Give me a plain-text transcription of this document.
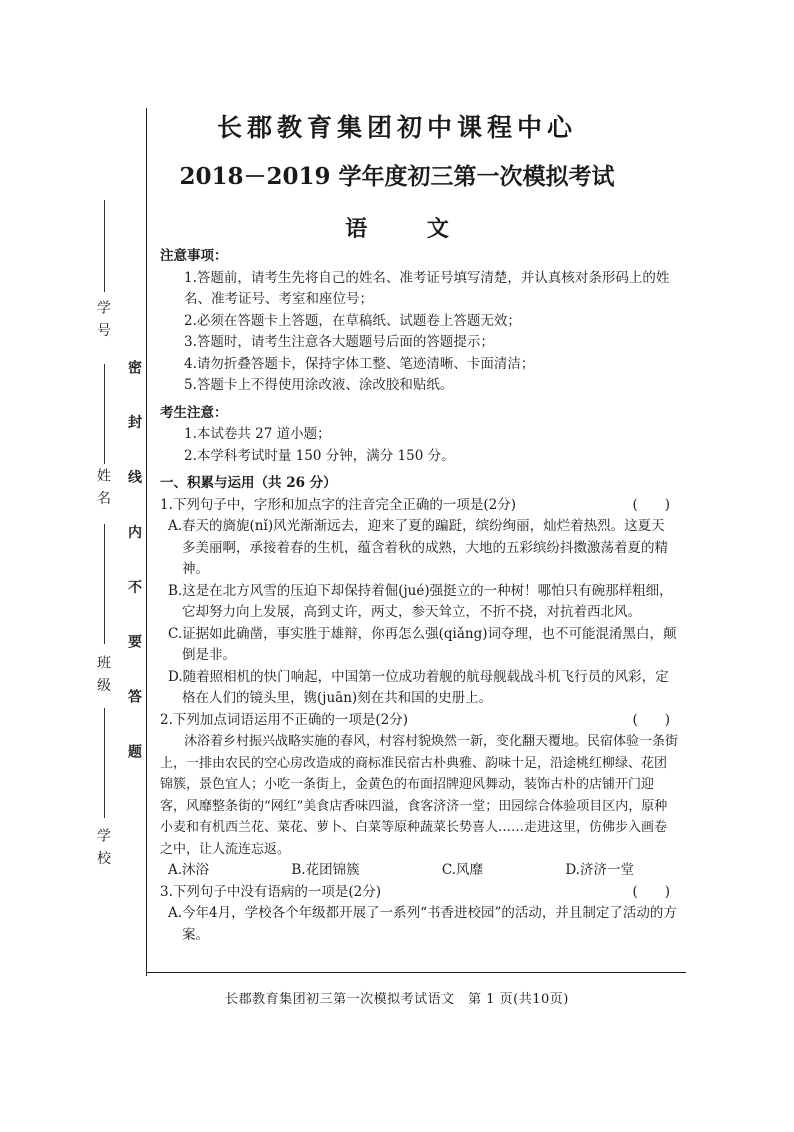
学 号
姓 名
班 级
学 校
密 封 线 内 不 要 答 题
长郡教育集团初中课程中心
2018－2019 学年度初三第一次模拟考试
语 文
注意事项：

1.答题前，请考生先将自己的姓名、准考证号填写清楚，并认真核对条形码上的姓名、准考证号、考室和座位号；

2.必须在答题卡上答题，在草稿纸、试题卷上答题无效；

3.答题时，请考生注意各大题题号后面的答题提示；

4.请勿折叠答题卡，保持字体工整、笔迹清晰、卡面清洁；

5.答题卡上不得使用涂改液、涂改胶和贴纸。

考生注意：

1.本试卷共 27 道小题；

2.本学科考试时量 150 分钟，满分 150 分。

一、积累与运用（共 26 分）
1.下列句子中，字形和加点字的注音完全正确的一项是(2分)	(　　)

A.春天的旖旎(nǐ)风光渐渐远去，迎来了夏的蹁跹，缤纷绚丽，灿烂着热烈。这夏天多美丽啊，承接着春的生机，蕴含着秋的成熟，大地的五彩缤纷抖擞激荡着夏的精神。

B.这是在北方风雪的压迫下却保持着倔(jué)强挺立的一种树！哪怕只有碗那样粗细，它却努力向上发展，高到丈许，两丈，参天耸立，不折不挠，对抗着西北风。

C.证据如此确凿，事实胜于雄辩，你再怎么强(qiǎng)词夺理，也不可能混淆黑白，颠倒是非。

D.随着照相机的快门响起，中国第一位成功着舰的航母舰载战斗机飞行员的风彩，定格在人们的镜头里，镌(juān)刻在共和国的史册上。

2.下列加点词语运用不正确的一项是(2分)	(　　)

沐浴着乡村振兴战略实施的春风，村容村貌焕然一新，变化翻天覆地。民宿体验一条街上，一排由农民的空心房改造成的商标准民宿古朴典雅、韵味十足，沿途桃红柳绿、花团锦簇，景色宜人；小吃一条街上，金黄色的布面招牌迎风舞动，装饰古朴的店铺开门迎客，风靡整条街的“网红”美食店香味四溢，食客济济一堂；田园综合体验项目区内，原种小麦和有机西兰花、菜花、萝卜、白菜等原种蔬菜长势喜人……走进这里，仿佛步入画卷之中，让人流连忘返。

A.沐浴	B.花团锦簇	C.风靡	D.济济一堂
3.下列句子中没有语病的一项是(2分)	(　　)

A.今年4月，学校各个年级都开展了一系列“书香进校园”的活动，并且制定了活动的方案。

长郡教育集团初三第一次模拟考试语文　第 1 页(共10页)
